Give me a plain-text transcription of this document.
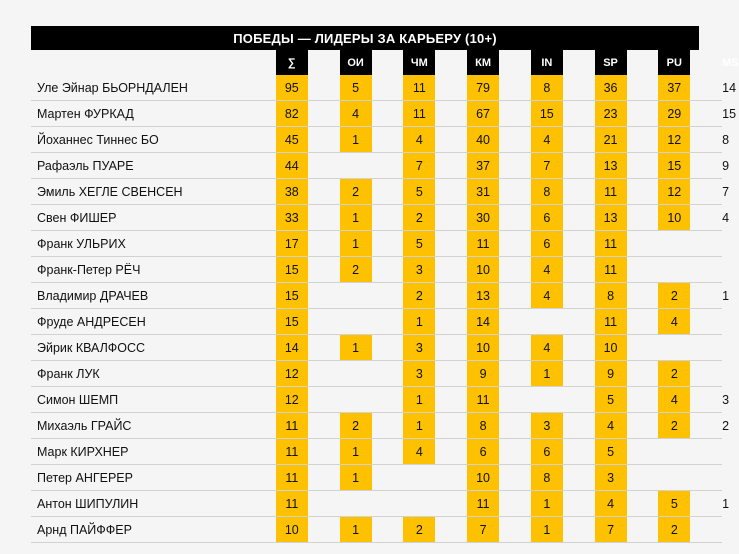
ПОБЕДЫ — ЛИДЕРЫ ЗА КАРЬЕРУ (10+)
		∑		ОИ		ЧМ		КМ		IN		SP		PU		MS
Уле Эйнар БЬОРНДАЛЕН		95		5		11		79		8		36		37		14
Мартен ФУРКАД		82		4		11		67		15		23		29		15
Йоханнес Тиннес БО		45		1		4		40		4		21		12		8
Рафаэль ПУАРЕ		44				7		37		7		13		15		9
Эмиль ХЕГЛЕ СВЕНСЕН		38		2		5		31		8		11		12		7
Свен ФИШЕР		33		1		2		30		6		13		10		4
Франк УЛЬРИХ		17		1		5		11		6		11				
Франк-Петер РЁЧ		15		2		3		10		4		11				
Владимир ДРАЧЕВ		15				2		13		4		8		2		1
Фруде АНДРЕСЕН		15				1		14				11		4		
Эйрик КВАЛФОСС		14		1		3		10		4		10				
Франк ЛУК		12				3		9		1		9		2		
Симон ШЕМП		12				1		11				5		4		3
Михаэль ГРАЙС		11		2		1		8		3		4		2		2
Марк КИРХНЕР		11		1		4		6		6		5				
Петер АНГЕРЕР		11		1				10		8		3				
Антон ШИПУЛИН		11						11		1		4		5		1
Арнд ПАЙФФЕР		10		1		2		7		1		7		2		
